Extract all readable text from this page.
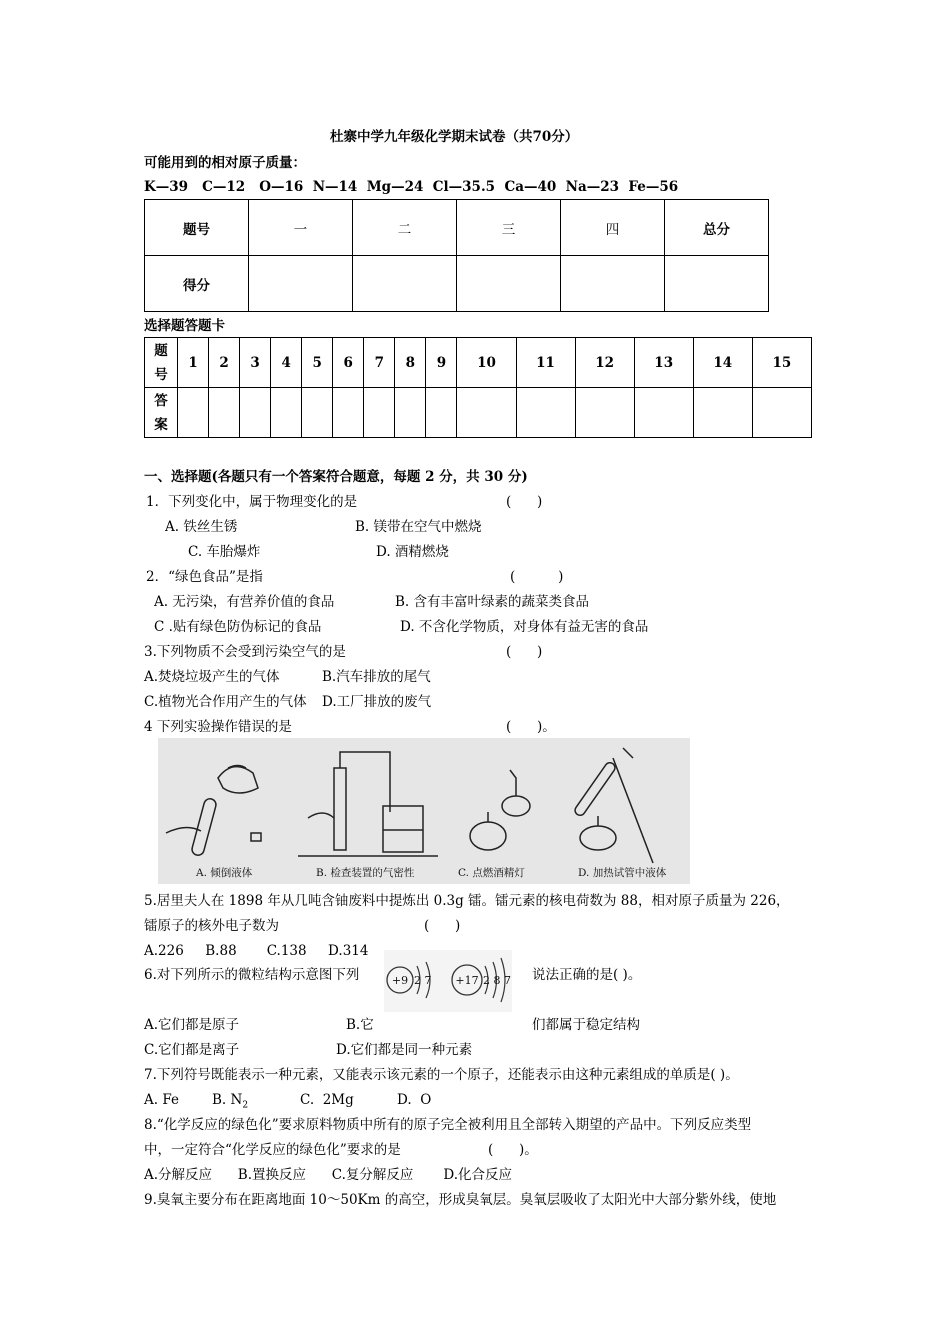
杜寨中学九年级化学期末试卷（共70分）
可能用到的相对原子质量：
K—39   C—12   O—16  N—14  Mg—24  Cl—35.5  Ca—40  Na—23  Fe—56
题号	一	二	三	四	总分
得分					
选择题答题卡
题
号	1	2	3	4	5	6	7	8	9	10	11	12	13	14	15
答
案															
一、选择题(各题只有一个答案符合题意，每题 2 分，共 30 分)
1．下列变化中，属于物理变化的是	(      )
A. 铁丝生锈	B. 镁带在空气中燃烧
C. 车胎爆炸	D. 酒精燃烧
2．“绿色食品”是指	(          )
A. 无污染，有营养价值的食品	B. 含有丰富叶绿素的蔬菜类食品
C .贴有绿色防伪标记的食品	D. 不含化学物质，对身体有益无害的食品
3.下列物质不会受到污染空气的是	(      )
A.焚烧垃圾产生的气体	B.汽车排放的尾气
C.植物光合作用产生的气体 D.工厂排放的废气
4 下列实验操作错误的是	(      )。
A. 倾倒液体	B. 检查装置的气密性	C. 点燃酒精灯	D. 加热试管中液体
5.居里夫人在 1898 年从几吨含铀废料中提炼出 0.3g 镭。镭元素的核电荷数为 88，相对原子质量为 226，
镭原子的核外电子数为	(      )
A.226     B.88       C.138     D.314
6.对下列所示的微粒结构示意图下列	+9 2 7 +17 2 8 7 说法正确的是( )。
A.它们都是原子	B.它	们都属于稳定结构
C.它们都是离子	D.它们都是同一种元素
7.下列符号既能表示一种元素，又能表示该元素的一个原子，还能表示由这种元素组成的单质是( )。
A. Fe B. $N_2$	C.  2Mg	D.  O
8.“化学反应的绿色化”要求原料物质中所有的原子完全被利用且全部转入期望的产品中。下列反应类型
中，一定符合“化学反应的绿色化”要求的是	(      )。
A.分解反应      B.置换反应      C.复分解反应       D.化合反应
9.臭氧主要分布在距离地面 10～50Km 的高空，形成臭氧层。臭氧层吸收了太阳光中大部分紫外线，使地
